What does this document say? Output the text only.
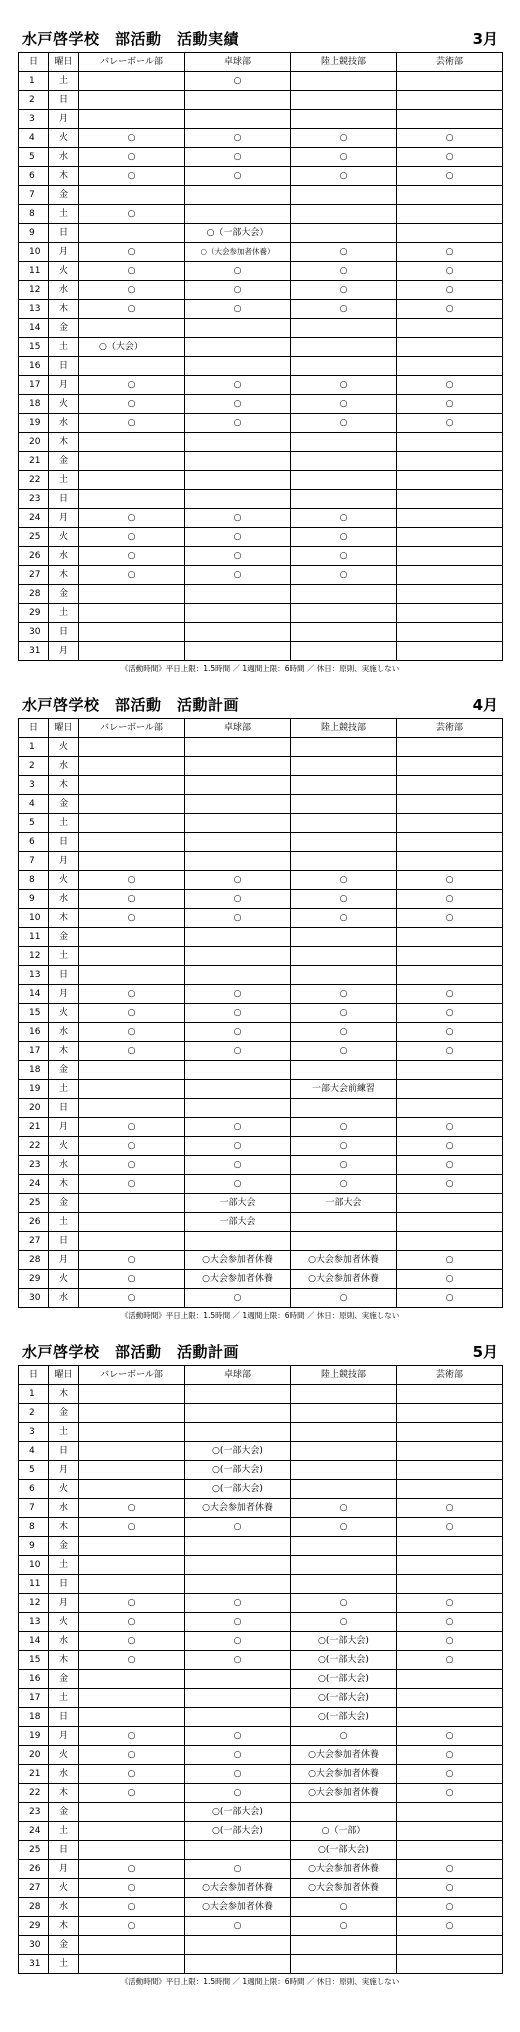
水戸啓学校　部活動　活動実績	3月
日	曜日	バレーボール部	卓球部	陸上競技部	芸術部
1	土		○		
2	日				
3	月				
4	火	○	○	○	○
5	水	○	○	○	○
6	木	○	○	○	○
7	金				
8	土	○			
9	日		○（一部大会）		
10	月	○	○（大会参加者休養）	○	○
11	火	○	○	○	○
12	水	○	○	○	○
13	木	○	○	○	○
14	金				
15	土	○（大会）			
16	日				
17	月	○	○	○	○
18	火	○	○	○	○
19	水	○	○	○	○
20	木				
21	金				
22	土				
23	日				
24	月	○	○	○	
25	火	○	○	○	
26	水	○	○	○	
27	木	○	○	○	
28	金				
29	土				
30	日				
31	月				
《活動時間》平日上限：1.5時間 ／ 1週間上限：6時間 ／ 休日：原則、実施しない
水戸啓学校　部活動　活動計画	4月
日	曜日	バレーボール部	卓球部	陸上競技部	芸術部
1	火				
2	水				
3	木				
4	金				
5	土				
6	日				
7	月				
8	火	○	○	○	○
9	水	○	○	○	○
10	木	○	○	○	○
11	金				
12	土				
13	日				
14	月	○	○	○	○
15	火	○	○	○	○
16	水	○	○	○	○
17	木	○	○	○	○
18	金				
19	土			一部大会前練習	
20	日				
21	月	○	○	○	○
22	火	○	○	○	○
23	水	○	○	○	○
24	木	○	○	○	○
25	金		一部大会	一部大会	
26	土		一部大会		
27	日				
28	月	○	○大会参加者休養	○大会参加者休養	○
29	火	○	○大会参加者休養	○大会参加者休養	○
30	水	○	○	○	○
《活動時間》平日上限：1.5時間 ／ 1週間上限：6時間 ／ 休日：原則、実施しない
水戸啓学校　部活動　活動計画	5月
日	曜日	バレーボール部	卓球部	陸上競技部	芸術部
1	木				
2	金				
3	土				
4	日		○(一部大会)		
5	月		○(一部大会)		
6	火		○(一部大会)		
7	水	○	○大会参加者休養	○	○
8	木	○	○	○	○
9	金				
10	土				
11	日				
12	月	○	○	○	○
13	火	○	○	○	○
14	水	○	○	○(一部大会)	○
15	木	○	○	○(一部大会)	○
16	金			○(一部大会)	
17	土			○(一部大会)	
18	日			○(一部大会)	
19	月	○	○	○	○
20	火	○	○	○大会参加者休養	○
21	水	○	○	○大会参加者休養	○
22	木	○	○	○大会参加者休養	○
23	金		○(一部大会)		
24	土		○(一部大会)	○（一部）	
25	日			○(一部大会)	
26	月	○	○	○大会参加者休養	○
27	火	○	○大会参加者休養	○大会参加者休養	○
28	水	○	○大会参加者休養	○	○
29	木	○	○	○	○
30	金				
31	土				
《活動時間》平日上限：1.5時間 ／ 1週間上限：6時間 ／ 休日：原則、実施しない
